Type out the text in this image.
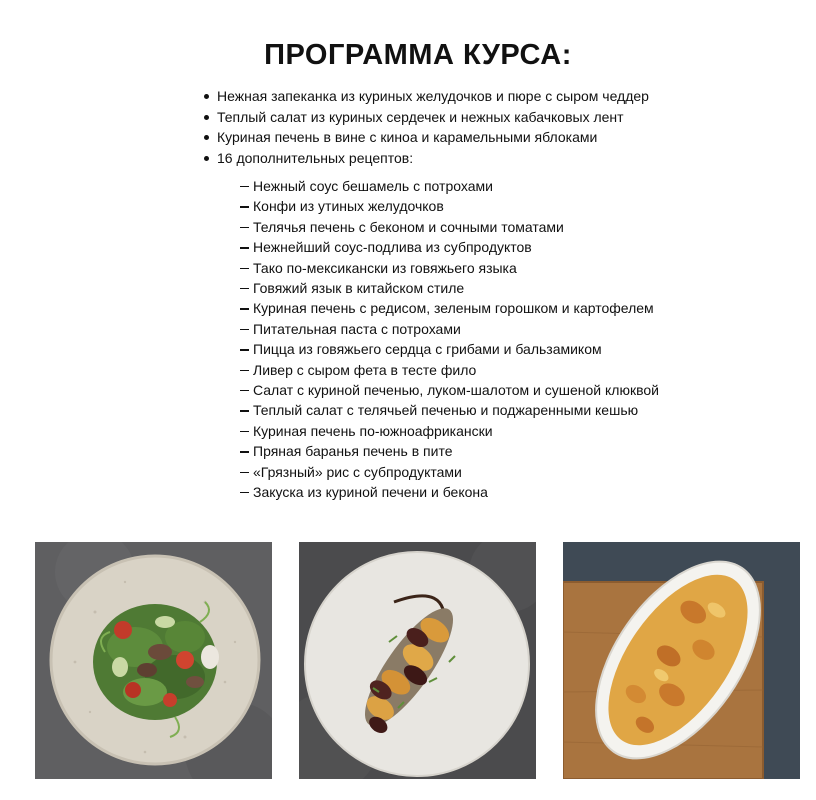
ПРОГРАММА КУРСА:
Нежная запеканка из куриных желудочков и пюре с сыром чеддер
Теплый салат из куриных сердечек и нежных кабачковых лент
Куриная печень в вине с киноа и карамельными яблоками
16 дополнительных рецептов:
Нежный соус бешамель с потрохами
Конфи из утиных желудочков
Телячья печень с беконом и сочными томатами
Нежнейший соус-подлива из субпродуктов
Тако по-мексикански из говяжьего языка
Говяжий язык в китайском стиле
Куриная печень с редисом, зеленым горошком и картофелем
Питательная паста с потрохами
Пицца из говяжьего сердца с грибами и бальзамиком
Ливер с сыром фета в тесте фило
Салат с куриной печенью, луком-шалотом и сушеной клюквой
Теплый салат с телячьей печенью и поджаренными кешью
Куриная печень по-южноафрикански
Пряная баранья печень в пите
«Грязный» рис с субпродуктами
Закуска из куриной печени и бекона
